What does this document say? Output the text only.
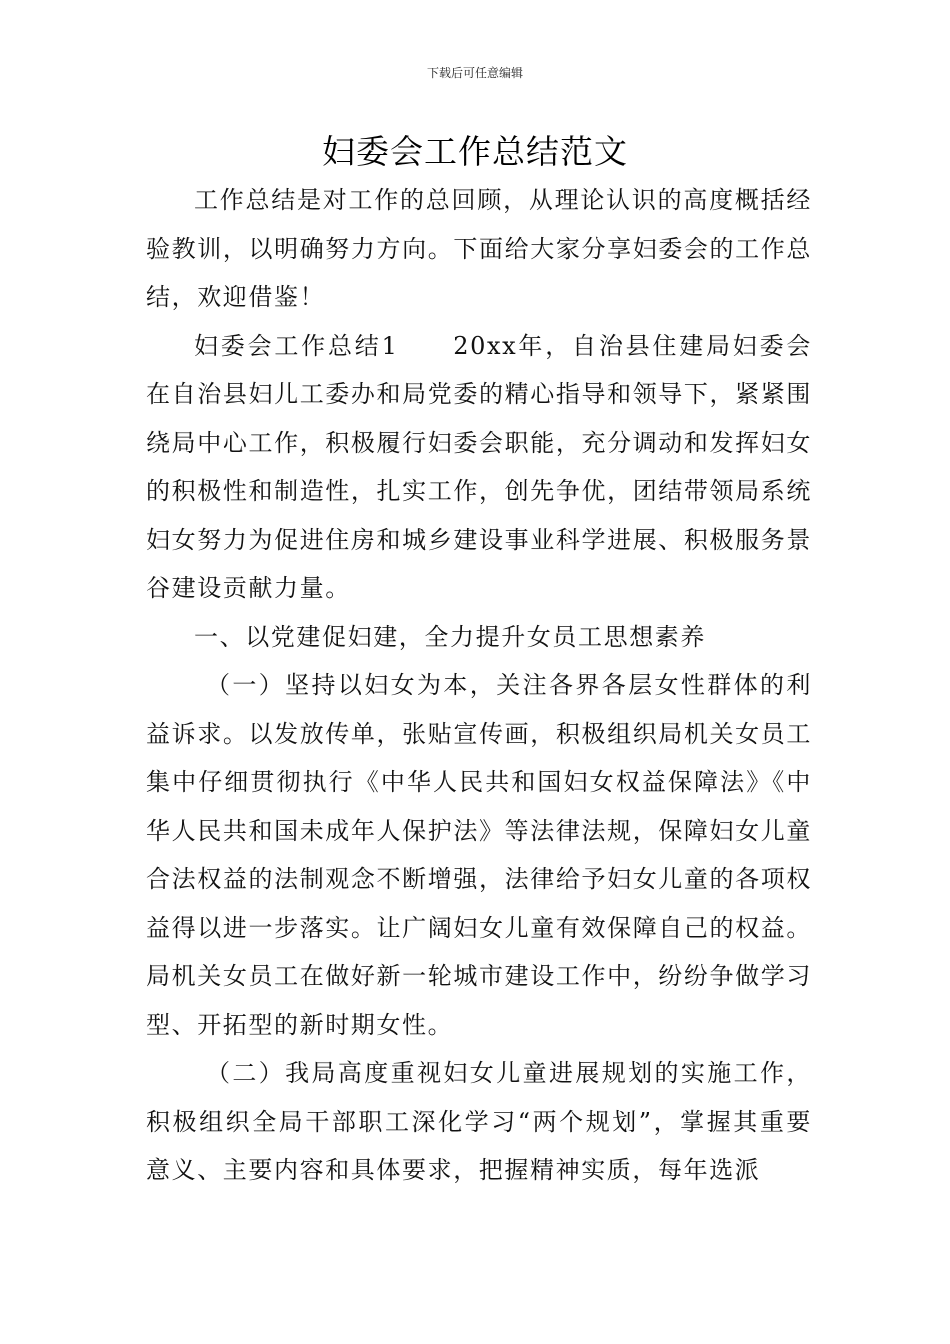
下载后可任意编辑
妇委会工作总结范文

工作总结是对工作的总回顾，从理论认识的高度概括经验教训，以明确努力方向。下面给大家分享妇委会的工作总结，欢迎借鉴！

妇委会工作总结1　　20xx年，自治县住建局妇委会在自治县妇儿工委办和局党委的精心指导和领导下，紧紧围绕局中心工作，积极履行妇委会职能，充分调动和发挥妇女的积极性和制造性，扎实工作，创先争优，团结带领局系统妇女努力为促进住房和城乡建设事业科学进展、积极服务景谷建设贡献力量。

一、以党建促妇建，全力提升女员工思想素养

（一）坚持以妇女为本，关注各界各层女性群体的利益诉求。以发放传单，张贴宣传画，积极组织局机关女员工集中仔细贯彻执行《中华人民共和国妇女权益保障法》《中华人民共和国未成年人保护法》等法律法规，保障妇女儿童合法权益的法制观念不断增强，法律给予妇女儿童的各项权益得以进一步落实。让广阔妇女儿童有效保障自己的权益。局机关女员工在做好新一轮城市建设工作中，纷纷争做学习型、开拓型的新时期女性。

（二）我局高度重视妇女儿童进展规划的实施工作，积极组织全局干部职工深化学习“两个规划”，掌握其重要意义、主要内容和具体要求，把握精神实质，每年选派
